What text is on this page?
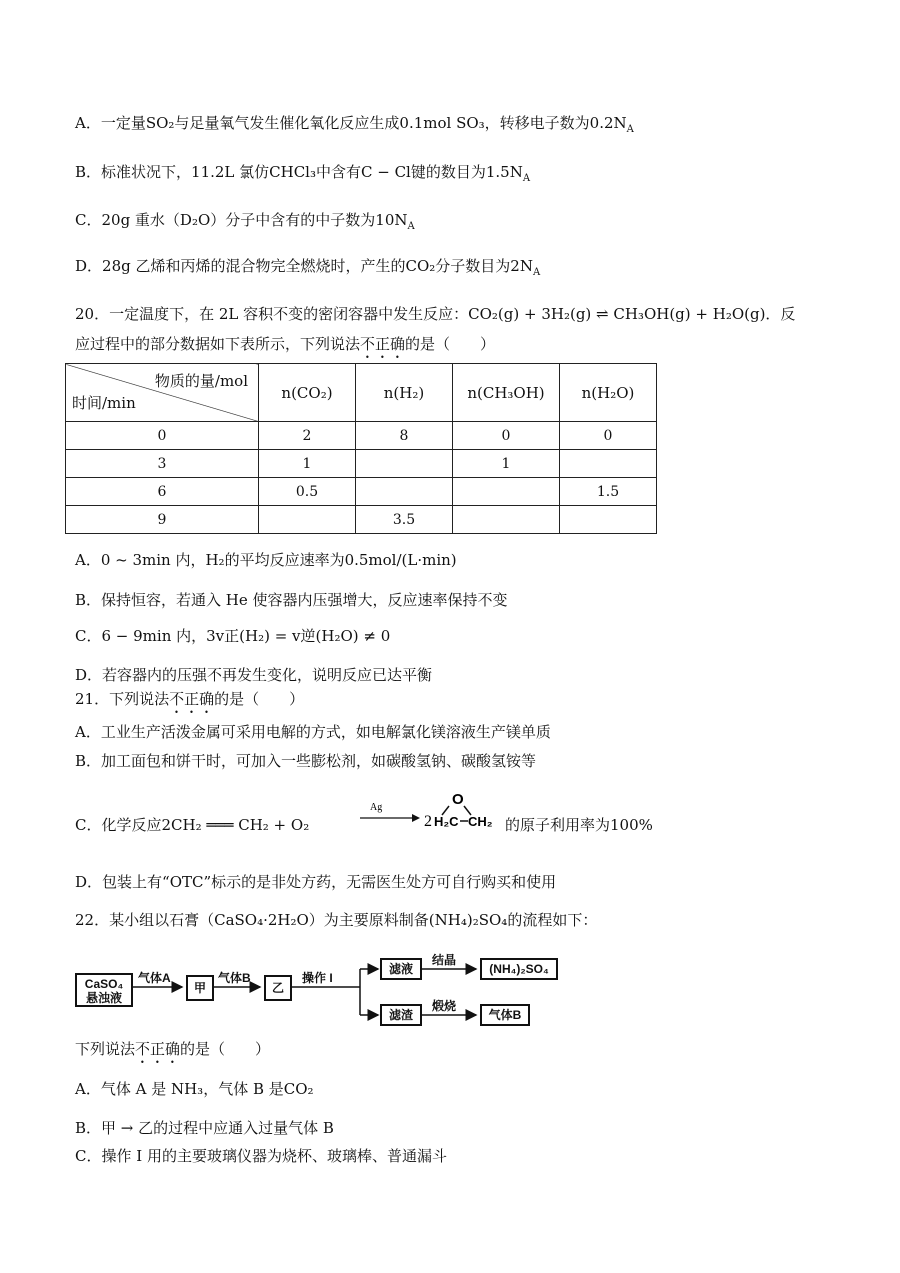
A．一定量SO₂与足量氧气发生催化氧化反应生成0.1mol SO₃，转移电子数为$0.2N_A$
B．标准状况下，11.2L 氯仿CHCl₃中含有C − Cl键的数目为$1.5N_A$
C．20g 重水（D₂O）分子中含有的中子数为$10N_A$
D．28g 乙烯和丙烯的混合物完全燃烧时，产生的CO₂分子数目为$2N_A$
20．一定温度下，在 2L 容积不变的密闭容器中发生反应：CO₂(g) + 3H₂(g) ⇌ CH₃OH(g) + H₂O(g)．反
应过程中的部分数据如下表所示，下列说法不正确的是（　　）
物质的量/mol
时间/min	n(CO₂)	n(H₂)	n(CH₃OH)	n(H₂O)
0	2	8	0	0
3	1		1	
6	0.5			1.5
9		3.5		
A．0 ~ 3min 内，H₂的平均反应速率为0.5mol/(L·min)
B．保持恒容，若通入 He 使容器内压强增大，反应速率保持不变
C．6 − 9min 内，3v正(H₂) = v逆(H₂O) ≠ 0
D．若容器内的压强不再发生变化，说明反应已达平衡
21．下列说法不正确的是（　　）
A．工业生产活泼金属可采用电解的方式，如电解氯化镁溶液生产镁单质
B．加工面包和饼干时，可加入一些膨松剂，如碳酸氢钠、碳酸氢铵等
C．化学反应2CH₂ ═══ CH₂ + O₂
Ag
2
O
H₂C CH₂ 的原子利用率为100%
D．包装上有“OTC”标示的是非处方药，无需医生处方可自行购买和使用
22．某小组以石膏（CaSO₄·2H₂O）为主要原料制备(NH₄)₂SO₄的流程如下：
CaSO₄
悬浊液
气体A
甲
气体B
乙
操作 I
滤液
结晶
(NH₄)₂SO₄
滤渣
煅烧
气体B
下列说法不正确的是（　　）
A．气体 A 是 NH₃，气体 B 是CO₂
B．甲 → 乙的过程中应通入过量气体 B
C．操作 I 用的主要玻璃仪器为烧杯、玻璃棒、普通漏斗
